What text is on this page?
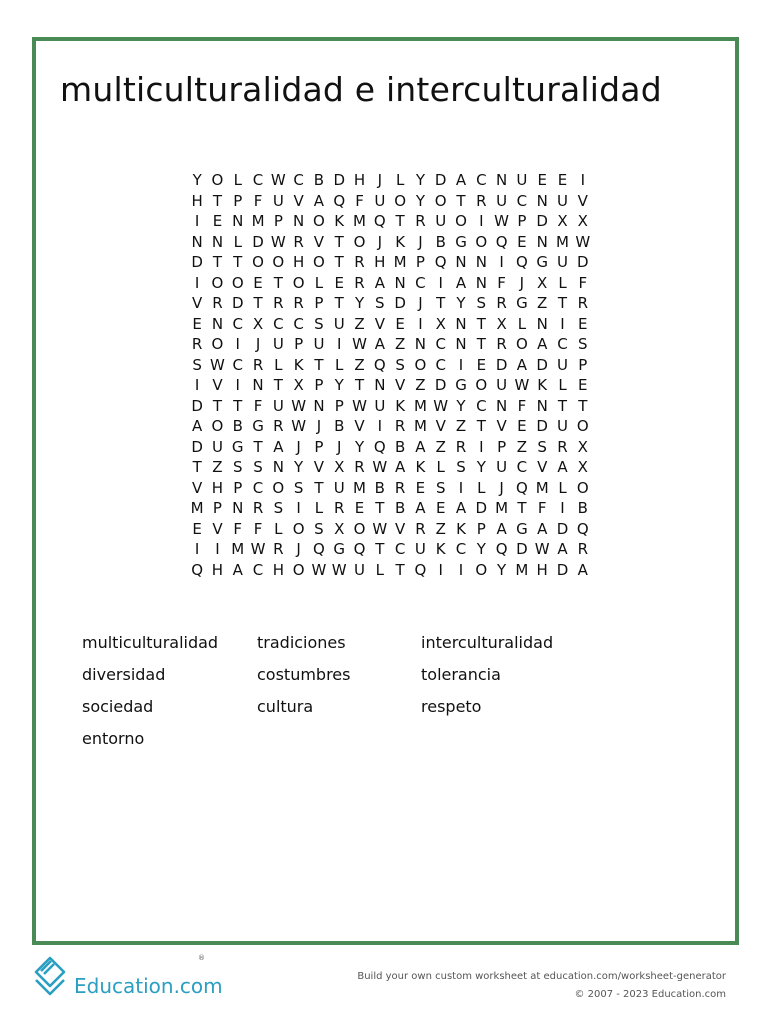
multiculturalidad e interculturalidad
Y O L C W C B D H J L Y D A C N U E E I
H T P F U V A Q F U O Y O T R U C N U V
I E N M P N O K M Q T R U O I W P D X X
N N L D W R V T O J K J B G O Q E N M W
D T T O O H O T R H M P Q N N I Q G U D
I O O E T O L E R A N C I A N F J X L F
V R D T R R P T Y S D J T Y S R G Z T R
E N C X C C S U Z V E I X N T X L N I E
R O I	J U P U I W A Z N C N T R O A C S
S W C R L K T L Z Q S O C I E D A D U P
I V I N T X P Y T N V Z D G O U W K L E
D T T F U W N P W U K M W Y C N F N T T
A O B G R W J B V I R M V Z T V E D U O
D U G T A J P J Y Q B A Z R I P Z S R X
T Z S S N Y V X R W A K L S Y U C V A X
V H P C O S T U M B R E S I L J Q M L O
M P N R S I L R E T B A E A D M T F I B
E V F F L O S X O W V R Z K P A G A D Q
I	I M W R J Q G Q T C U K C Y Q D W A R
Q H A C H O W W U L T Q I	I O Y M H D A
multiculturalidad	tradiciones	interculturalidad
diversidad	costumbres	tolerancia
sociedad	cultura	respeto
entorno
Education.com
®
Build your own custom worksheet at education.com/worksheet-generator
© 2007 - 2023 Education.com
